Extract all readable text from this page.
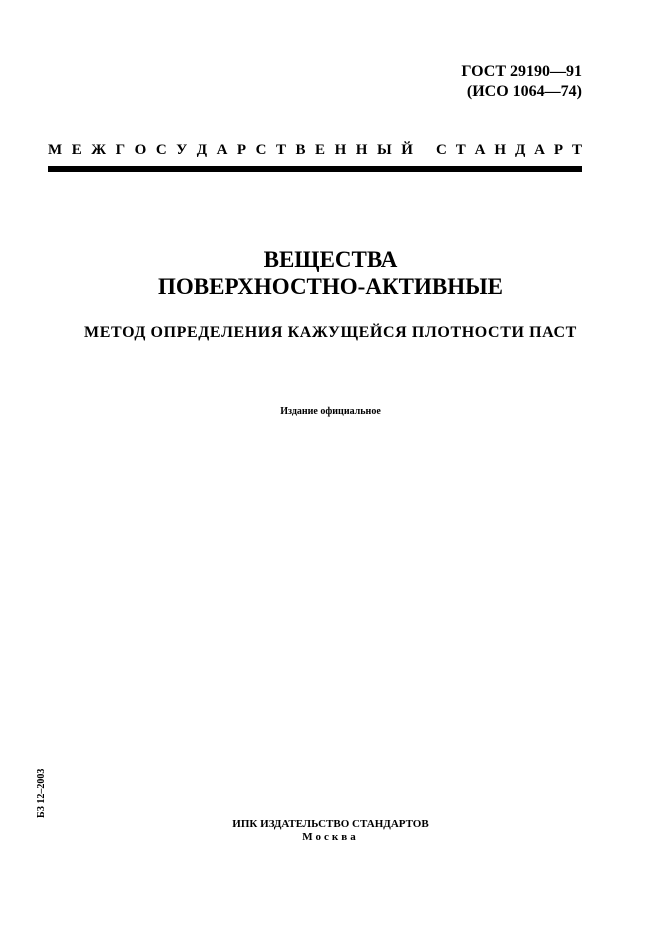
ГОСТ 29190—91
(ИСО 1064—74)
М Е Ж Г О С У Д А Р С Т В Е Н Н Ы Й С Т А Н Д А Р Т
ВЕЩЕСТВА
ПОВЕРХНОСТНО-АКТИВНЫЕ
МЕТОД ОПРЕДЕЛЕНИЯ КАЖУЩЕЙСЯ ПЛОТНОСТИ ПАСТ
Издание официальное
БЗ 12–2003
ИПК ИЗДАТЕЛЬСТВО СТАНДАРТОВ
Москва
